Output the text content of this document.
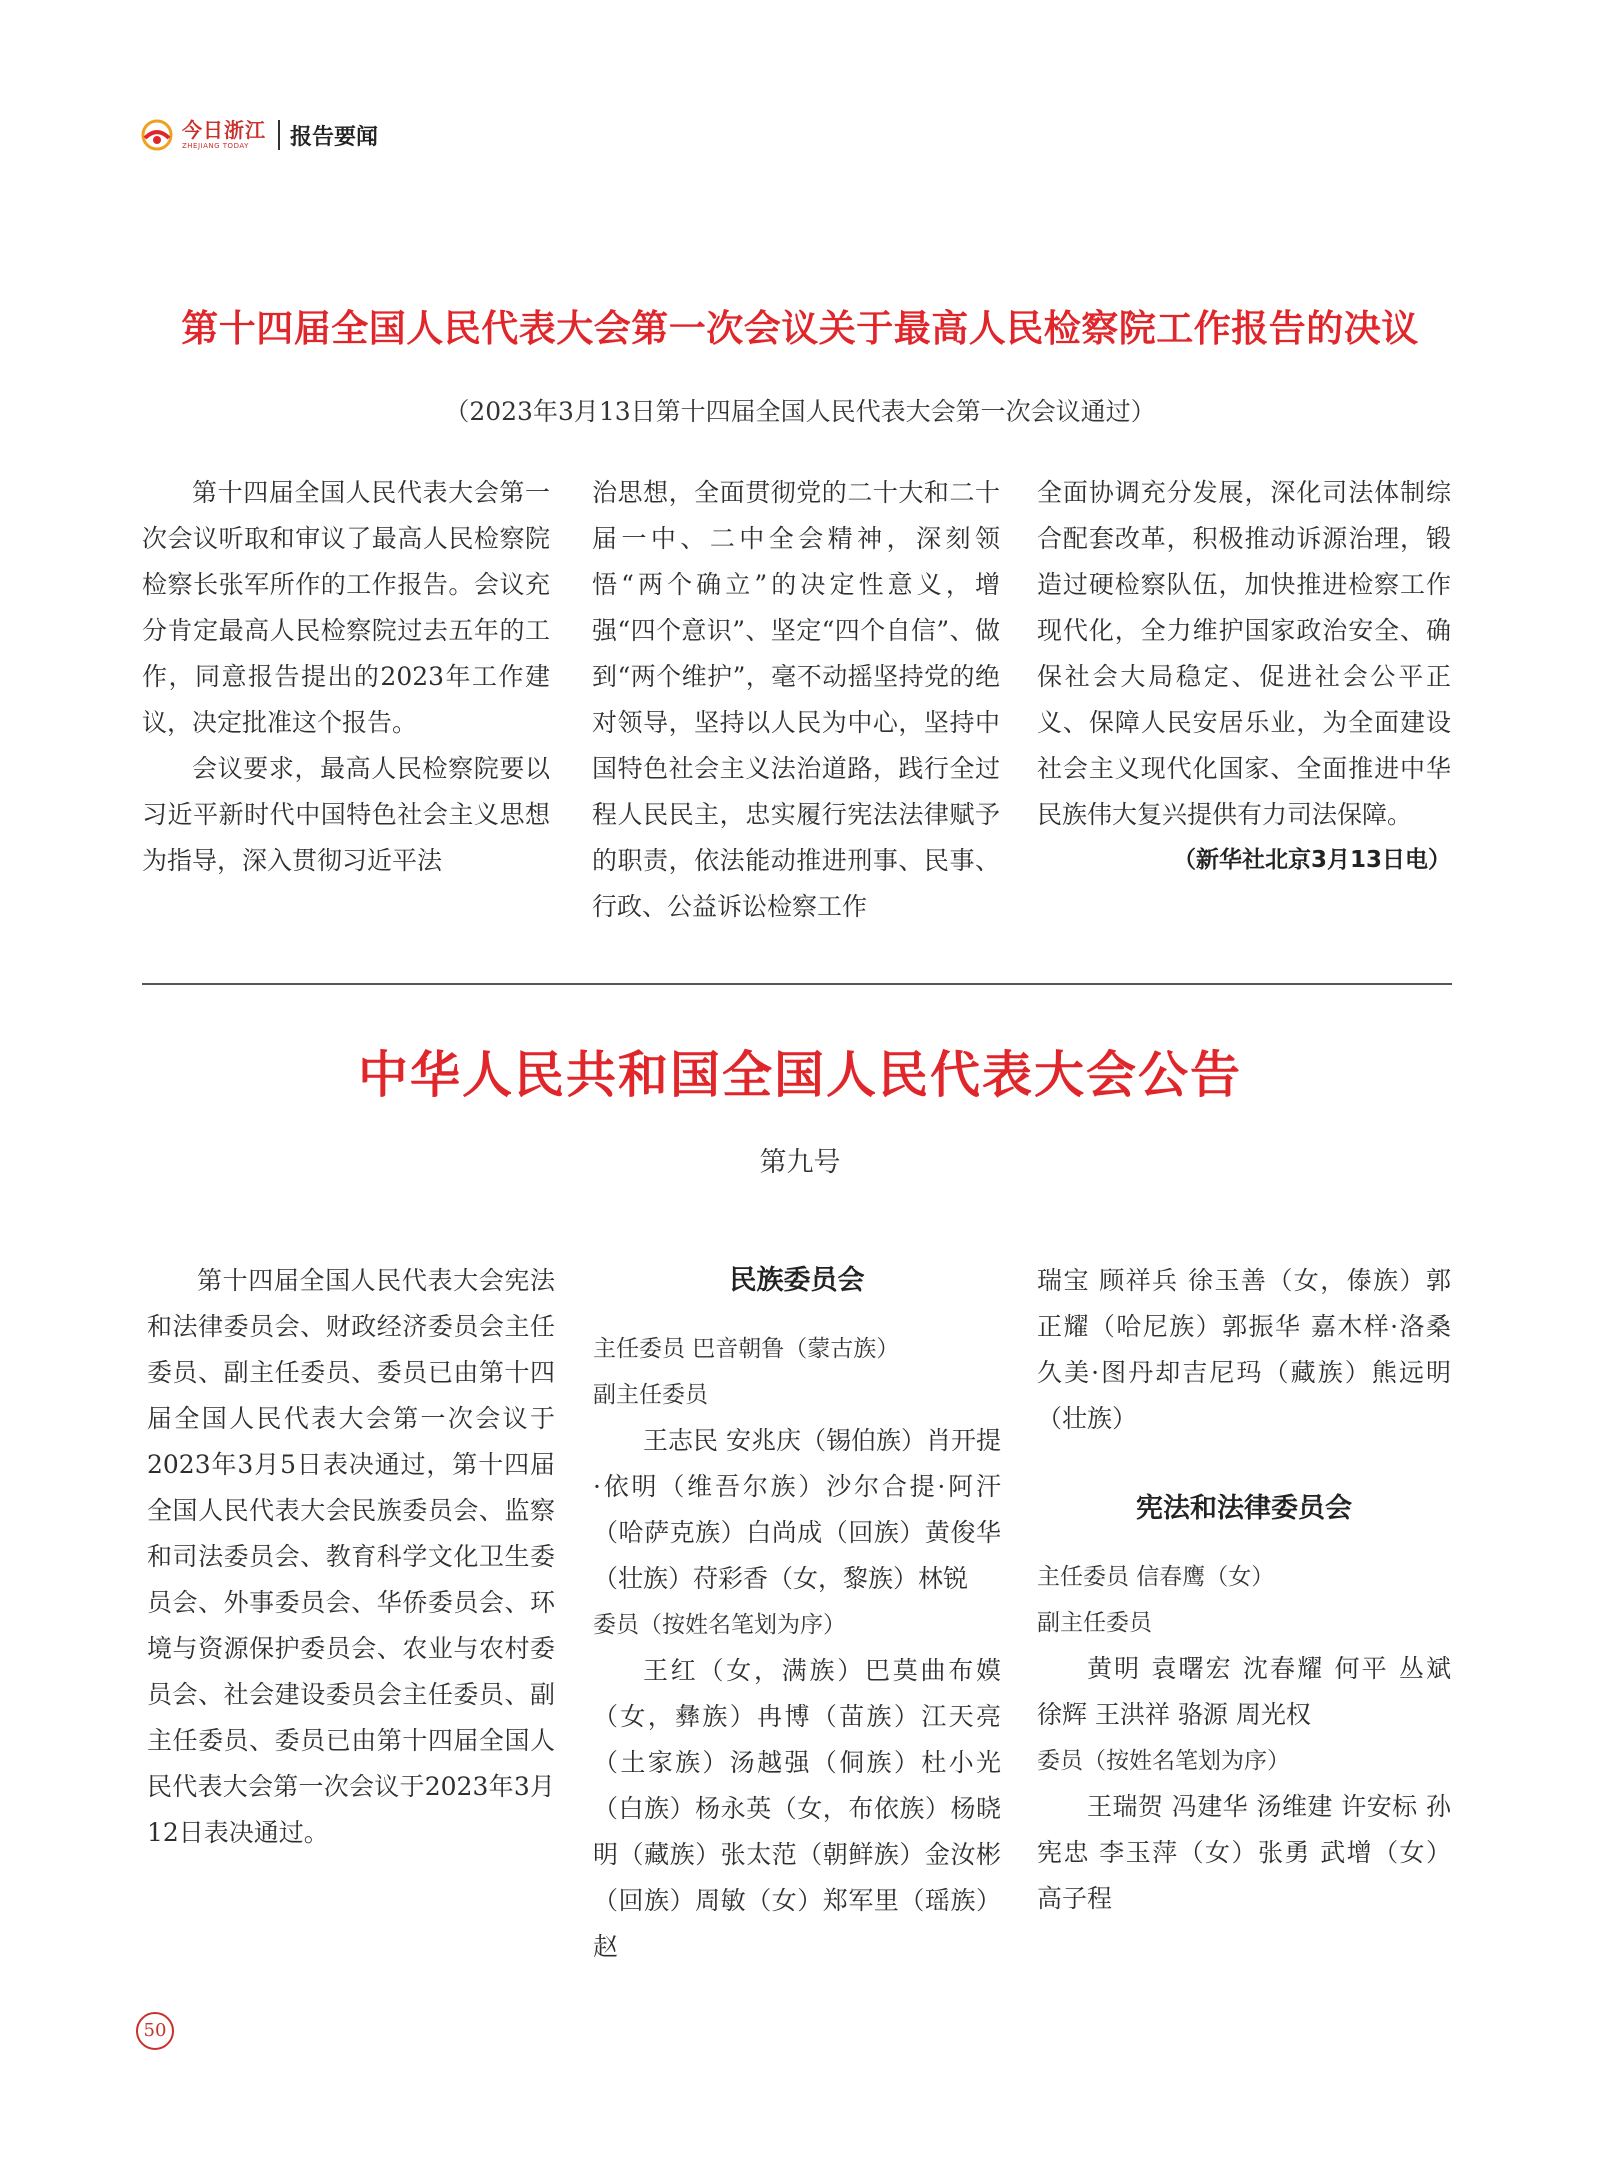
今日浙江
ZHEJIANG TODAY	报告要闻
第十四届全国人民代表大会第一次会议关于最高人民检察院工作报告的决议
（2023年3月13日第十四届全国人民代表大会第一次会议通过）

第十四届全国人民代表大会第一次会议听取和审议了最高人民检察院检察长张军所作的工作报告。会议充分肯定最高人民检察院过去五年的工作，同意报告提出的2023年工作建议，决定批准这个报告。

会议要求，最高人民检察院要以习近平新时代中国特色社会主义思想为指导，深入贯彻习近平法

治思想，全面贯彻党的二十大和二十届一中、二中全会精神，深刻领悟“两个确立”的决定性意义，增强“四个意识”、坚定“四个自信”、做到“两个维护”，毫不动摇坚持党的绝对领导，坚持以人民为中心，坚持中国特色社会主义法治道路，践行全过程人民民主，忠实履行宪法法律赋予的职责，依法能动推进刑事、民事、行政、公益诉讼检察工作

全面协调充分发展，深化司法体制综合配套改革，积极推动诉源治理，锻造过硬检察队伍，加快推进检察工作现代化，全力维护国家政治安全、确保社会大局稳定、促进社会公平正义、保障人民安居乐业，为全面建设社会主义现代化国家、全面推进中华民族伟大复兴提供有力司法保障。

（新华社北京3月13日电）
中华人民共和国全国人民代表大会公告
第九号

第十四届全国人民代表大会宪法和法律委员会、财政经济委员会主任委员、副主任委员、委员已由第十四届全国人民代表大会第一次会议于2023年3月5日表决通过，第十四届全国人民代表大会民族委员会、监察和司法委员会、教育科学文化卫生委员会、外事委员会、华侨委员会、环境与资源保护委员会、农业与农村委员会、社会建设委员会主任委员、副主任委员、委员已由第十四届全国人民代表大会第一次会议于2023年3月12日表决通过。

民族委员会

主任委员 巴音朝鲁（蒙古族）

副主任委员

王志民 安兆庆（锡伯族）肖开提·依明（维吾尔族）沙尔合提·阿汗（哈萨克族）白尚成（回族）黄俊华（壮族）苻彩香（女，黎族）林锐

委员（按姓名笔划为序）

王红（女，满族）巴莫曲布嫫（女，彝族）冉博（苗族）江天亮（土家族）汤越强（侗族）杜小光（白族）杨永英（女，布依族）杨晓明（藏族）张太范（朝鲜族）金汝彬（回族）周敏（女）郑军里（瑶族）赵

瑞宝 顾祥兵 徐玉善（女，傣族）郭正耀（哈尼族）郭振华 嘉木样·洛桑久美·图丹却吉尼玛（藏族）熊远明（壮族）

宪法和法律委员会

主任委员 信春鹰（女）

副主任委员

黄明 袁曙宏 沈春耀 何平 丛斌 徐辉 王洪祥 骆源 周光权

委员（按姓名笔划为序）

王瑞贺 冯建华 汤维建 许安标 孙宪忠 李玉萍（女）张勇 武增（女）高子程

50
